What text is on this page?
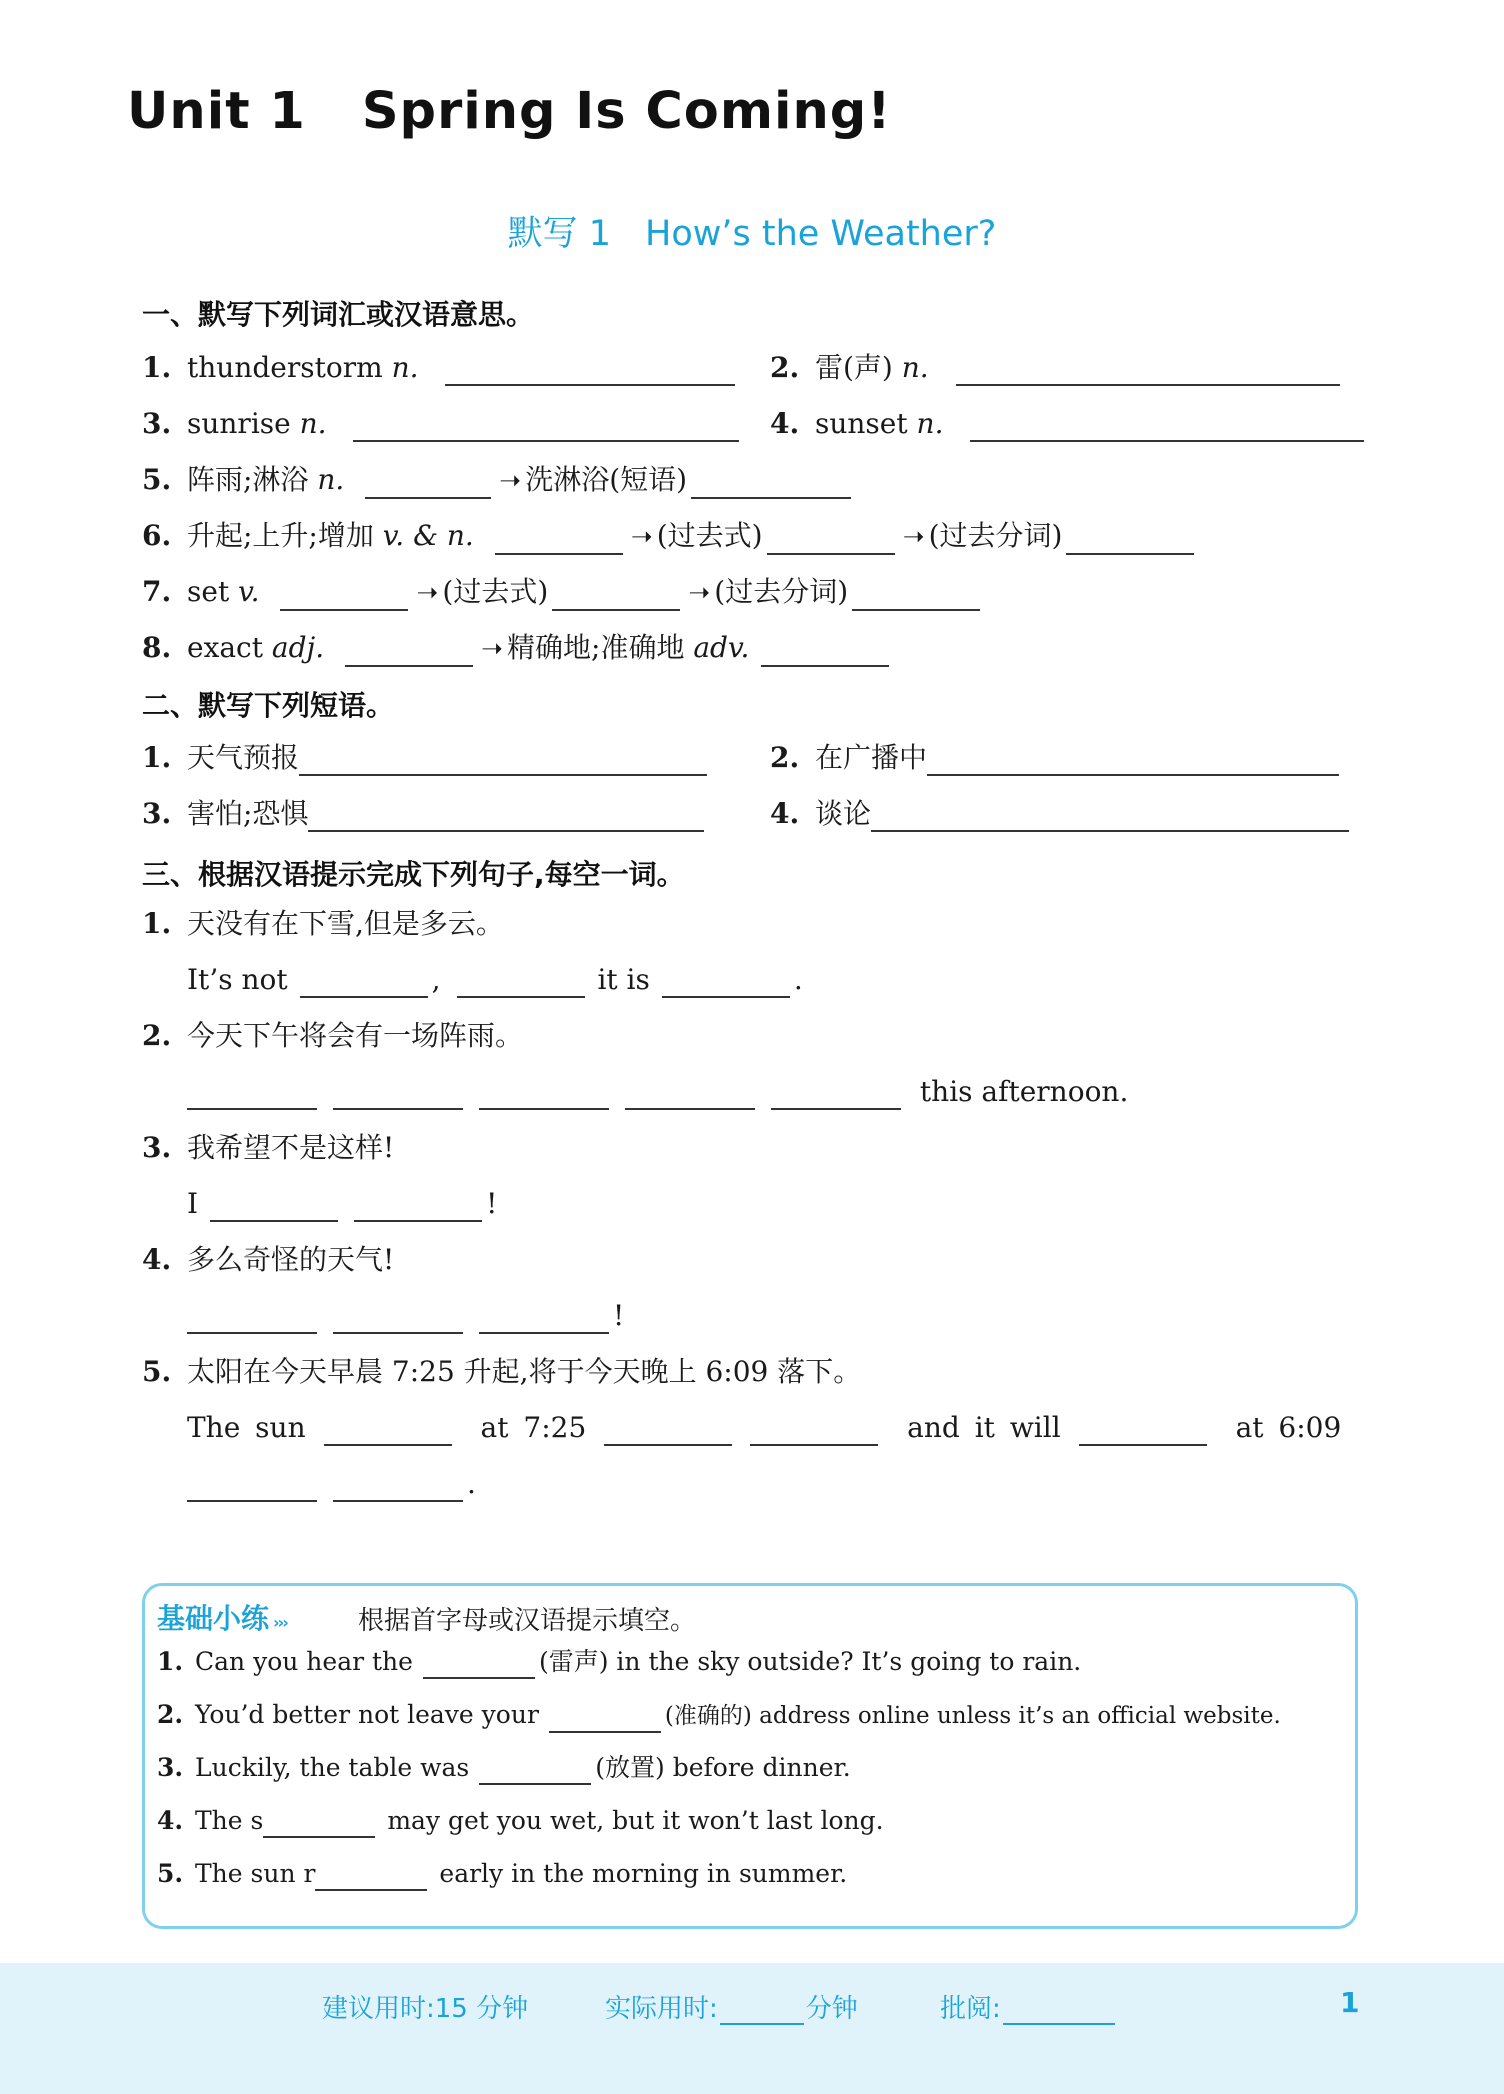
Unit 1 Spring Is Coming!
默写 1 How’s the Weather?
一、默写下列词汇或汉语意思。
1. thunderstorm n.	2. 雷(声) n.
3. sunrise n.	4. sunset n.
5. 阵雨;淋浴 n.	➝ 洗淋浴(短语)
6. 升起;上升;增加 v. & n.	➝ (过去式)	➝ (过去分词)
7. set v.	➝ (过去式)	➝ (过去分词)
8. exact adj.	➝ 精确地;准确地 adv.
二、默写下列短语。
1. 天气预报	2. 在广播中
3. 害怕;恐惧	4. 谈论
三、根据汉语提示完成下列句子,每空一词。
1. 天没有在下雪,但是多云。
It’s not	,	it is	.
2. 今天下午将会有一场阵雨。
this afternoon.
3. 我希望不是这样!
I	!
4. 多么奇怪的天气!
!
5. 太阳在今天早晨 7:25 升起,将于今天晚上 6:09 落下。
The sun	at 7:25	and it will	at 6:09
.
基础小练 ›››	根据首字母或汉语提示填空。
1. Can you hear the	(雷声) in the sky outside? It’s going to rain.
2. You’d better not leave your	(准确的) address online unless it’s an official website.
3. Luckily, the table was	(放置) before dinner.
4. The s	may get you wet, but it won’t last long.
5. The sun r	early in the morning in summer.
建议用时:15 分钟	实际用时:	分钟	批阅:	1
